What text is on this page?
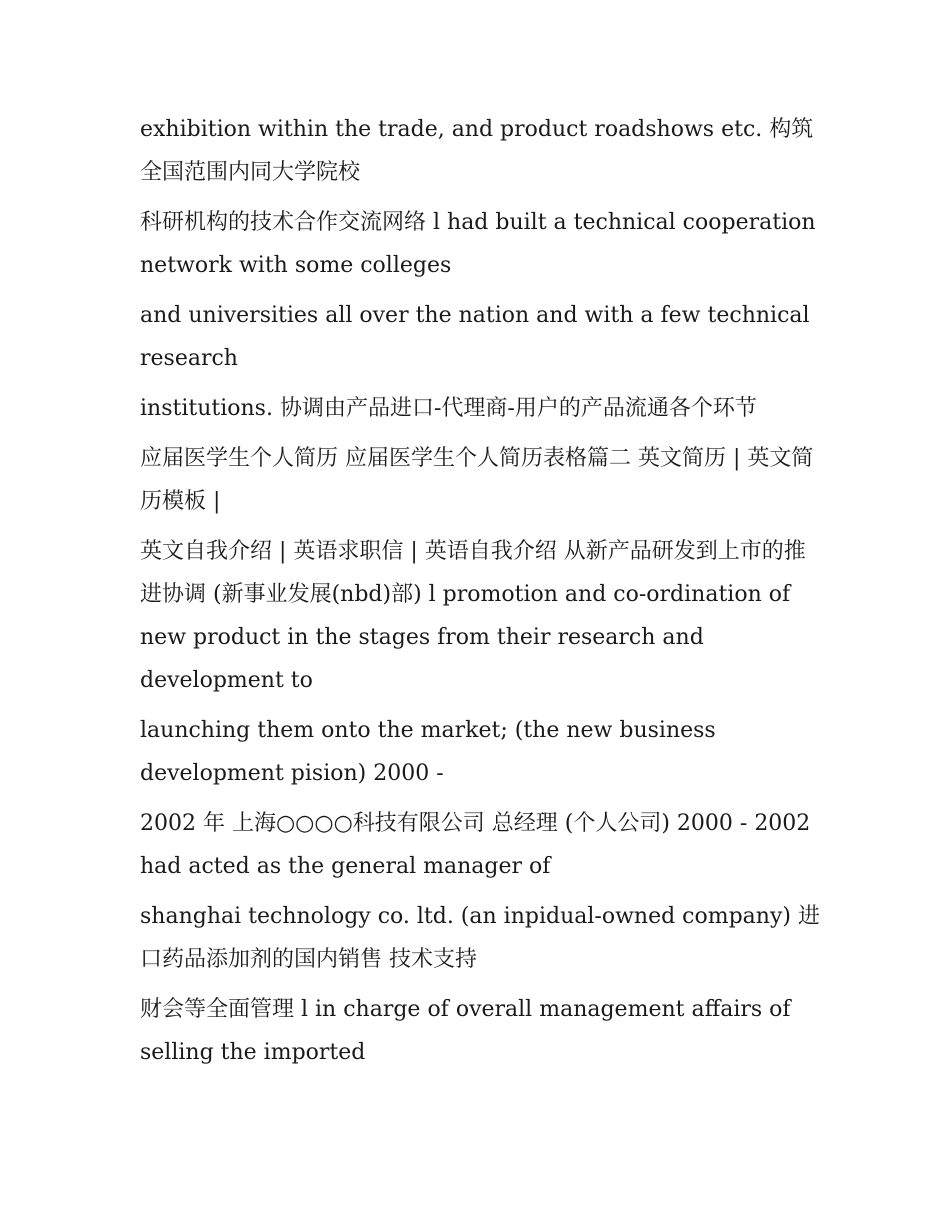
exhibition within the trade, and product roadshows etc. 构筑全国范围内同大学院校

科研机构的技术合作交流网络 l had built a technical cooperation network with some colleges

and universities all over the nation and with a few technical research

institutions. 协调由产品进口-代理商-用户的产品流通各个环节

应届医学生个人简历 应届医学生个人简历表格篇二 英文简历 | 英文简历模板 |

英文自我介绍 | 英语求职信 | 英语自我介绍 从新产品研发到上市的推进协调 (新事业发展(nbd)部) l promotion and co-ordination of new product in the stages from their research and development to

launching them onto the market; (the new business development pision) 2000 -

2002 年 上海○○○○科技有限公司 总经理 (个人公司) 2000 - 2002 had acted as the general manager of

shanghai technology co. ltd. (an inpidual-owned company) 进口药品添加剂的国内销售 技术支持

财会等全面管理 l in charge of overall management affairs of selling the imported
